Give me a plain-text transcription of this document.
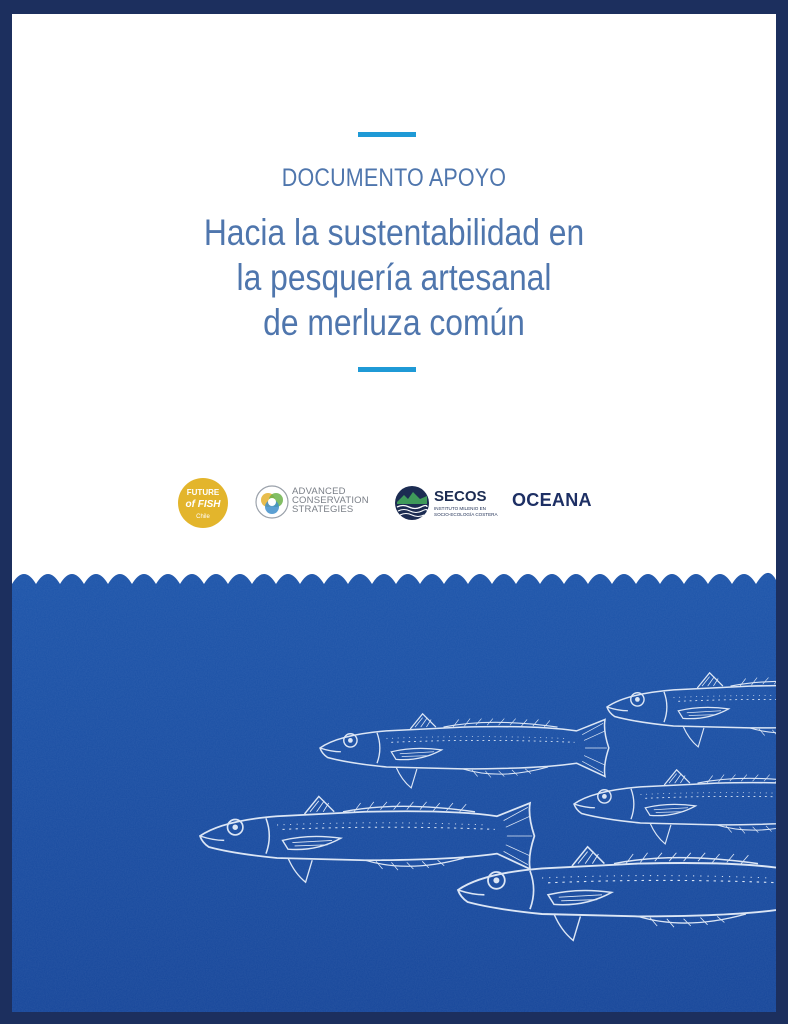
DOCUMENTO APOYO
Hacia la sustentabilidad en
la pesquería artesanal
de merluza común
FUTURE
of FISH
Chile
ADVANCED
CONSERVATION
STRATEGIES
SECOS
INSTITUTO MILENIO EN
SOCIO-ECOLOGÍA COSTERA
OCEANA
